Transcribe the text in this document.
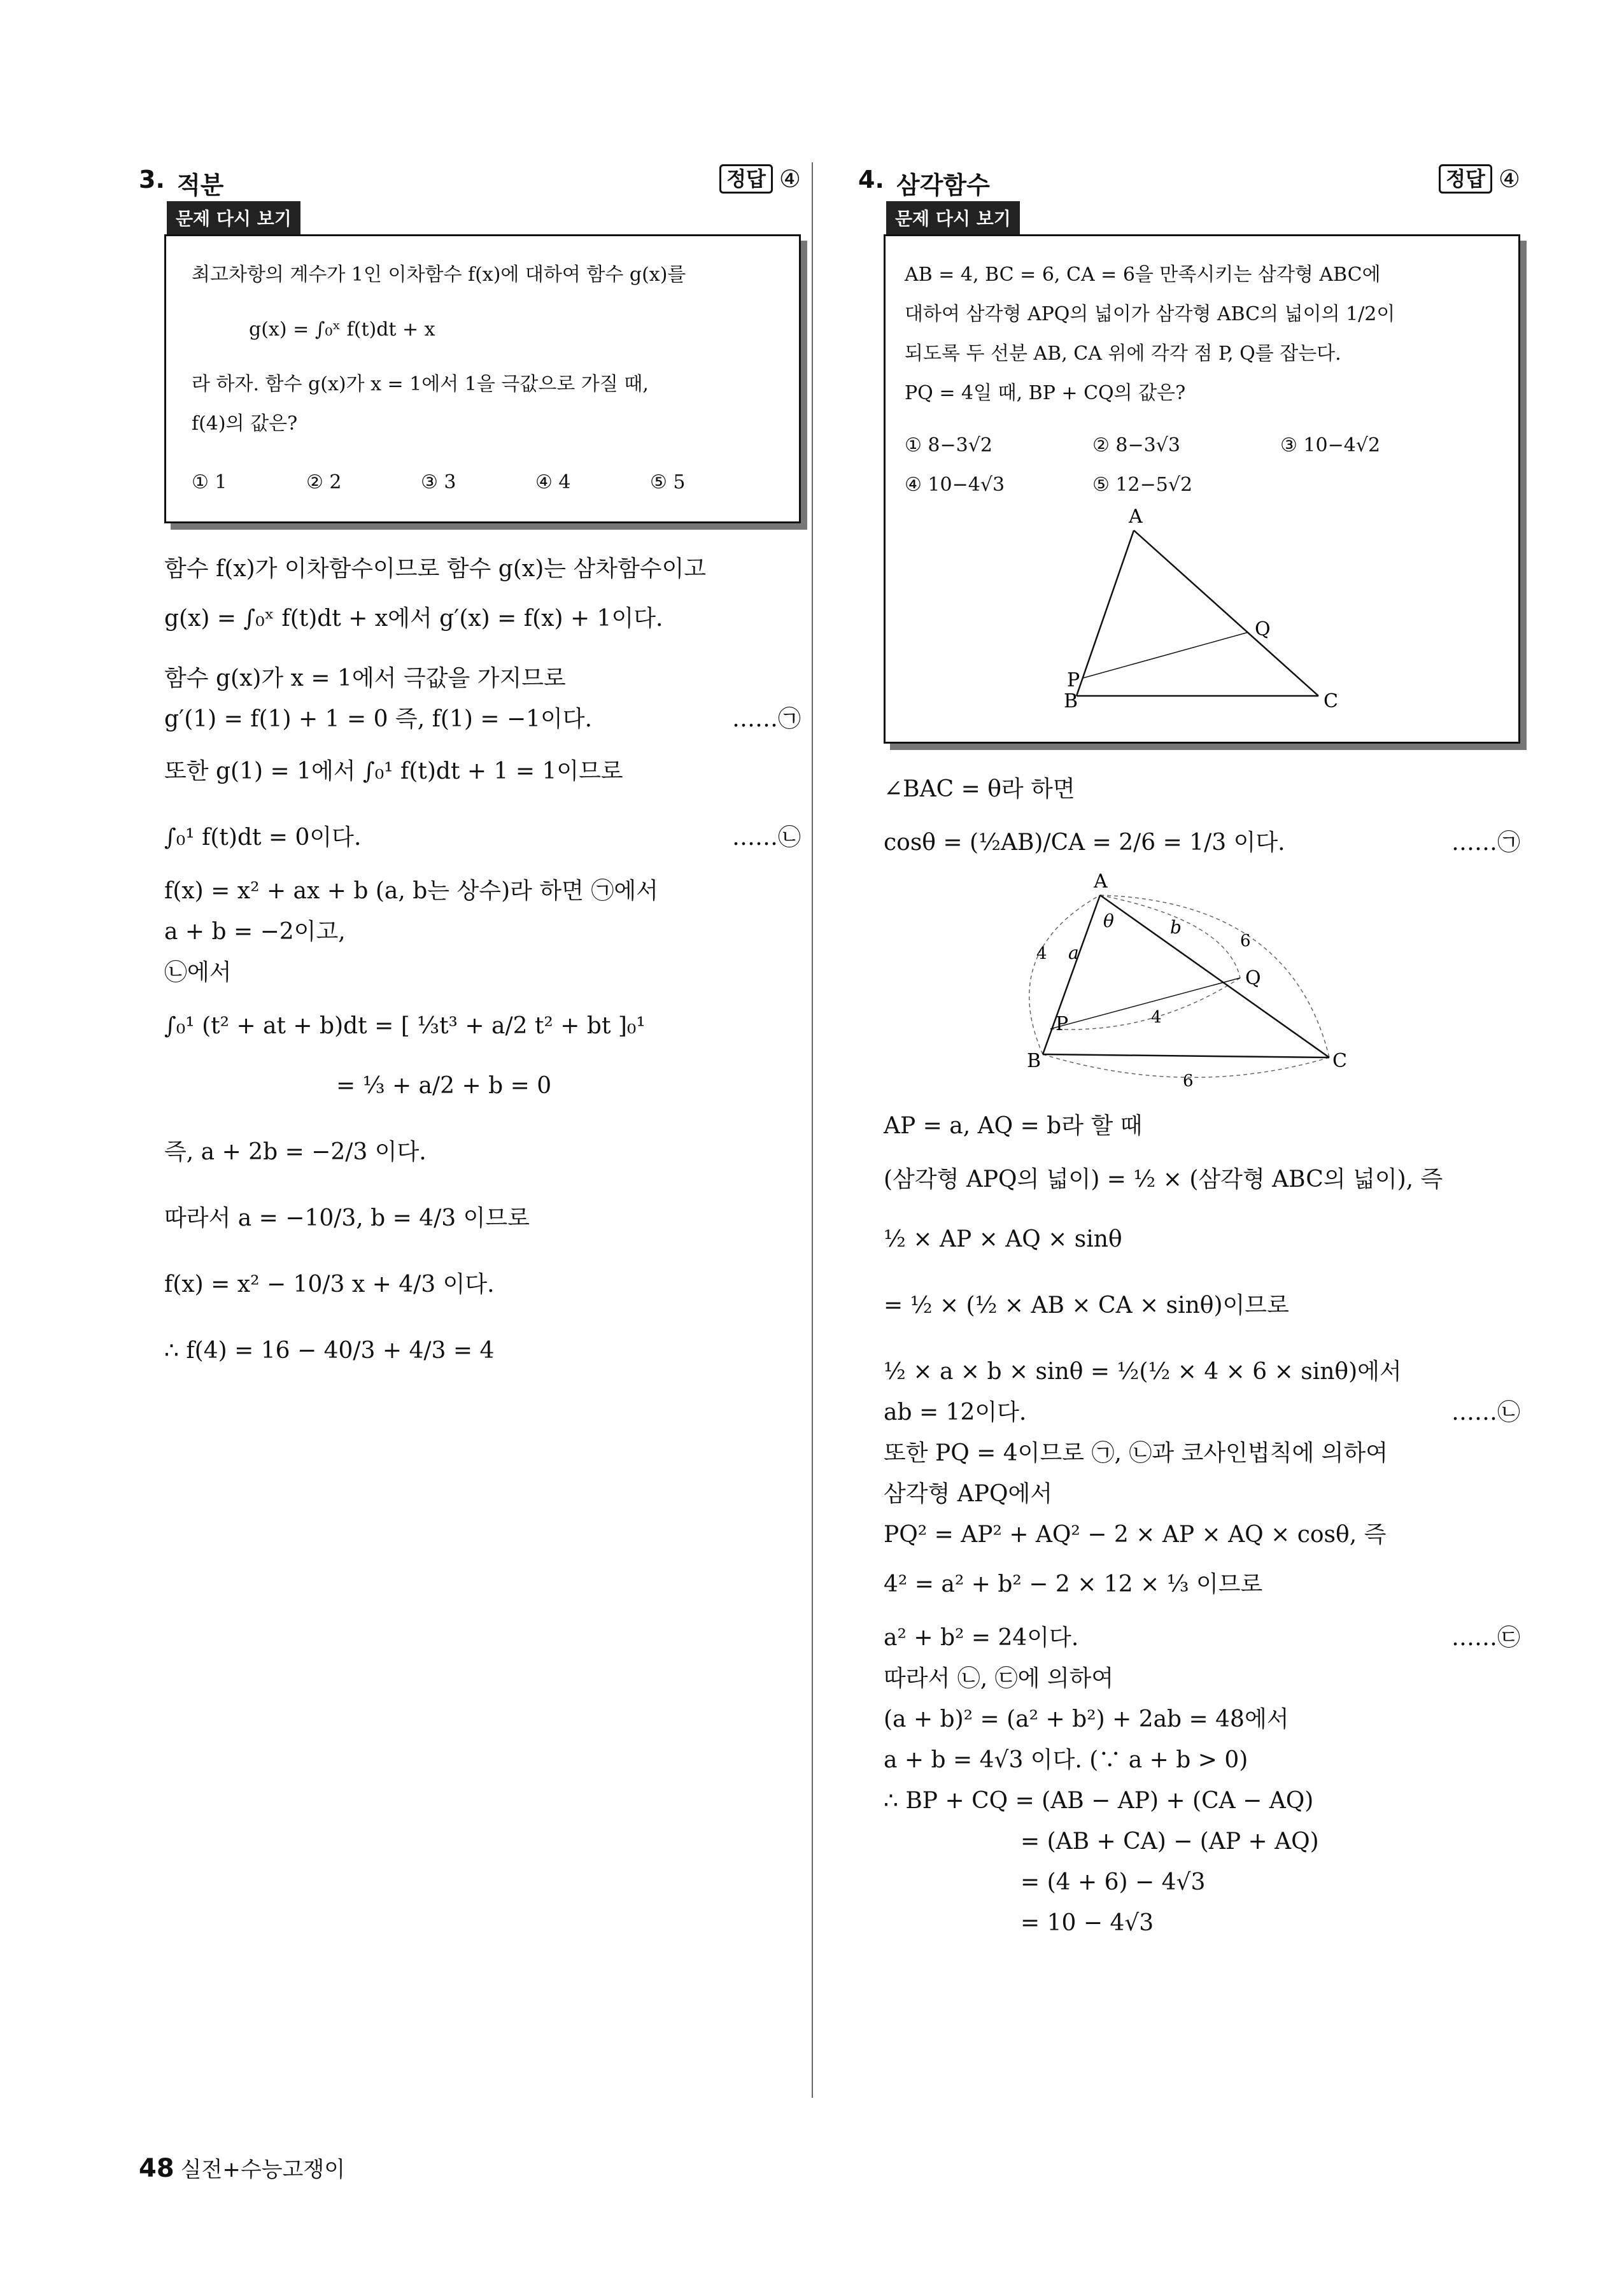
3. 적분	정답 ④
문제 다시 보기
최고차항의 계수가 1인 이차함수 f(x)에 대하여 함수 g(x)를
g(x) = ∫₀ˣ f(t)dt + x
라 하자. 함수 g(x)가 x = 1에서 1을 극값으로 가질 때,
f(4)의 값은?
① 1	② 2	③ 3	④ 4	⑤ 5
함수 f(x)가 이차함수이므로 함수 g(x)는 삼차함수이고
g(x) = ∫₀ˣ f(t)dt + x에서 g′(x) = f(x) + 1이다.
함수 g(x)가 x = 1에서 극값을 가지므로
g′(1) = f(1) + 1 = 0 즉, f(1) = −1이다.	……㉠
또한 g(1) = 1에서 ∫₀¹ f(t)dt + 1 = 1이므로
∫₀¹ f(t)dt = 0이다.	……㉡
f(x) = x² + ax + b (a, b는 상수)라 하면 ㉠에서
a + b = −2이고,
㉡에서
∫₀¹ (t² + at + b)dt = [ ⅓t³ + a/2 t² + bt ]₀¹
= ⅓ + a/2 + b = 0
즉, a + 2b = −2/3 이다.
따라서 a = −10/3, b = 4/3 이므로
f(x) = x² − 10/3 x + 4/3 이다.
∴ f(4) = 16 − 40/3 + 4/3 = 4
4. 삼각함수	정답 ④
문제 다시 보기
AB = 4, BC = 6, CA = 6을 만족시키는 삼각형 ABC에
대하여 삼각형 APQ의 넓이가 삼각형 ABC의 넓이의 1/2이
되도록 두 선분 AB, CA 위에 각각 점 P, Q를 잡는다.
PQ = 4일 때, BP + CQ의 값은?
① 8−3√2	② 8−3√3	③ 10−4√2
④ 10−4√3	⑤ 12−5√2
A
B	C
P
Q
∠BAC = θ라 하면
cosθ = (½AB)/CA = 2/6 = 1/3 이다.	……㉠
A
B	C
P
Q
θ
a
b
4
6
4
6
AP = a, AQ = b라 할 때
(삼각형 APQ의 넓이) = ½ × (삼각형 ABC의 넓이), 즉
½ × AP × AQ × sinθ
= ½ × (½ × AB × CA × sinθ)이므로
½ × a × b × sinθ = ½(½ × 4 × 6 × sinθ)에서
ab = 12이다.	……㉡
또한 PQ = 4이므로 ㉠, ㉡과 코사인법칙에 의하여
삼각형 APQ에서
PQ² = AP² + AQ² − 2 × AP × AQ × cosθ, 즉
4² = a² + b² − 2 × 12 × ⅓ 이므로
a² + b² = 24이다.	……㉢
따라서 ㉡, ㉢에 의하여
(a + b)² = (a² + b²) + 2ab = 48에서
a + b = 4√3 이다. (∵ a + b > 0)
∴ BP + CQ = (AB − AP) + (CA − AQ)
= (AB + CA) − (AP + AQ)
= (4 + 6) − 4√3
= 10 − 4√3
48 실전+수능고쟁이
